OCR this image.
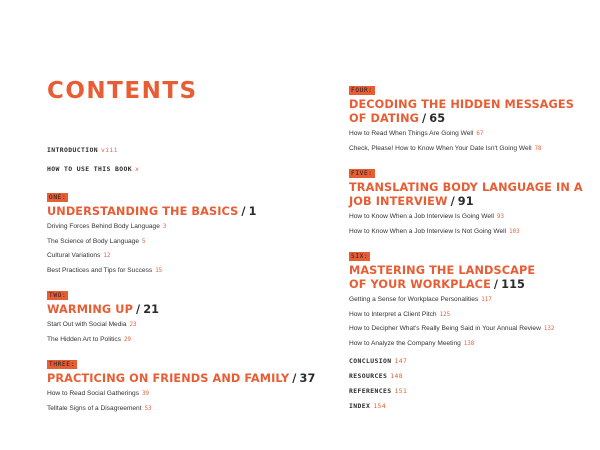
CONTENTS
INTRODUCTION viii
HOW TO USE THIS BOOK x
ONE:
UNDERSTANDING THE BASICS / 1
Driving Forces Behind Body Language 3
The Science of Body Language 5
Cultural Variations 12
Best Practices and Tips for Success 15
TWO:
WARMING UP / 21
Start Out with Social Media 23
The Hidden Art to Politics 29
THREE:
PRACTICING ON FRIENDS AND FAMILY / 37
How to Read Social Gatherings 39
Telltale Signs of a Disagreement 53
FOUR:
DECODING THE HIDDEN MESSAGES
OF DATING / 65
How to Read When Things Are Going Well 67
Check, Please! How to Know When Your Date Isn't Going Well 78
FIVE:
TRANSLATING BODY LANGUAGE IN A
JOB INTERVIEW / 91
How to Know When a Job Interview Is Going Well 93
How to Know When a Job Interview Is Not Going Well 103
SIX:
MASTERING THE LANDSCAPE
OF YOUR WORKPLACE / 115
Getting a Sense for Workplace Personalities 117
How to Interpret a Client Pitch 125
How to Decipher What's Really Being Said in Your Annual Review 132
How to Analyze the Company Meeting 138
CONCLUSION 147
RESOURCES 148
REFERENCES 151
INDEX 154
